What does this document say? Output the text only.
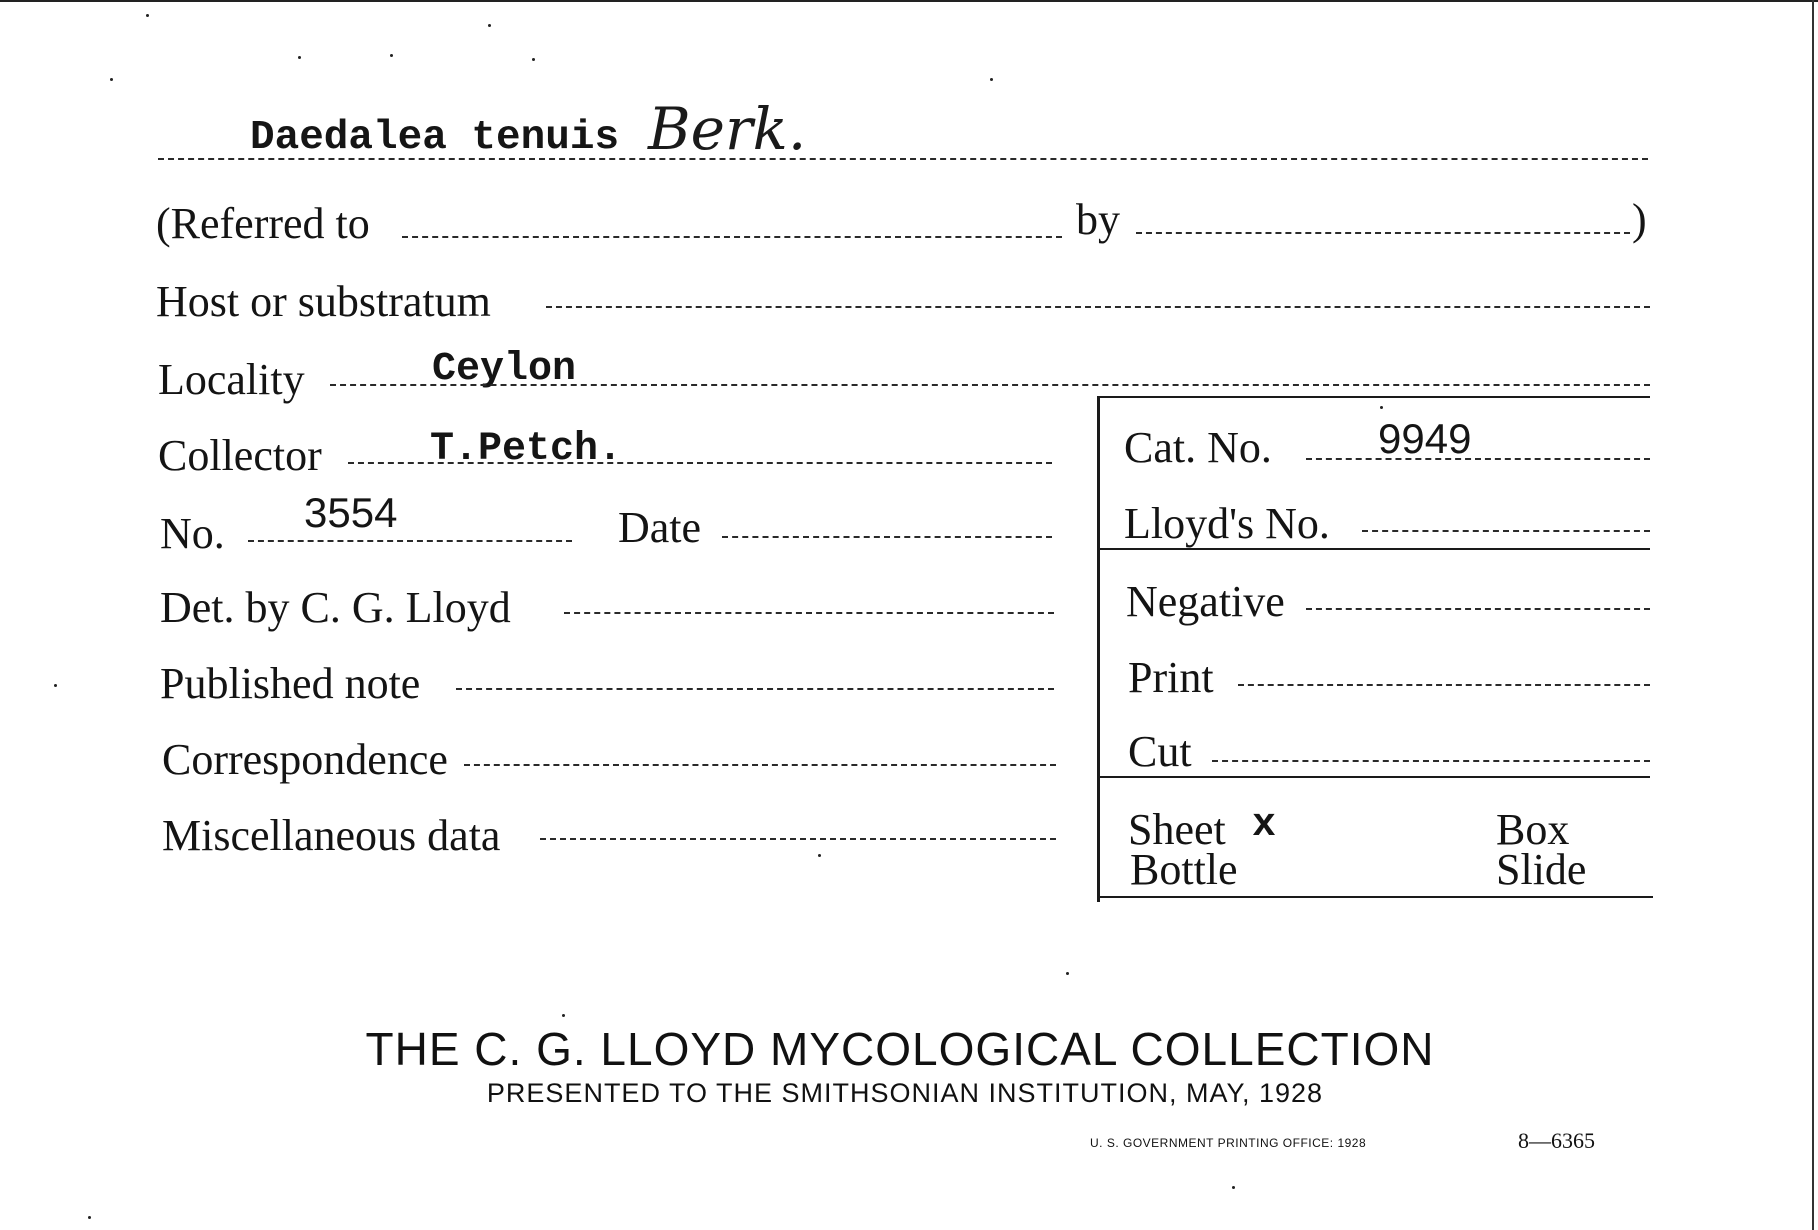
Daedalea tenuis Berk.
(Referred to	by	)
Host or substratum
Locality	Ceylon
Collector	T.Petch.	Cat. No.	9949
No. 3554	Date	Lloyd's No.
Det. by C. G. Lloyd	Negative
Published note	Print
Correspondence	Cut
Miscellaneous data	Sheet x	Box
Bottle	Slide
THE C. G. LLOYD MYCOLOGICAL COLLECTION
PRESENTED TO THE SMITHSONIAN INSTITUTION, MAY, 1928
U. S. GOVERNMENT PRINTING OFFICE: 1928	8—6365
